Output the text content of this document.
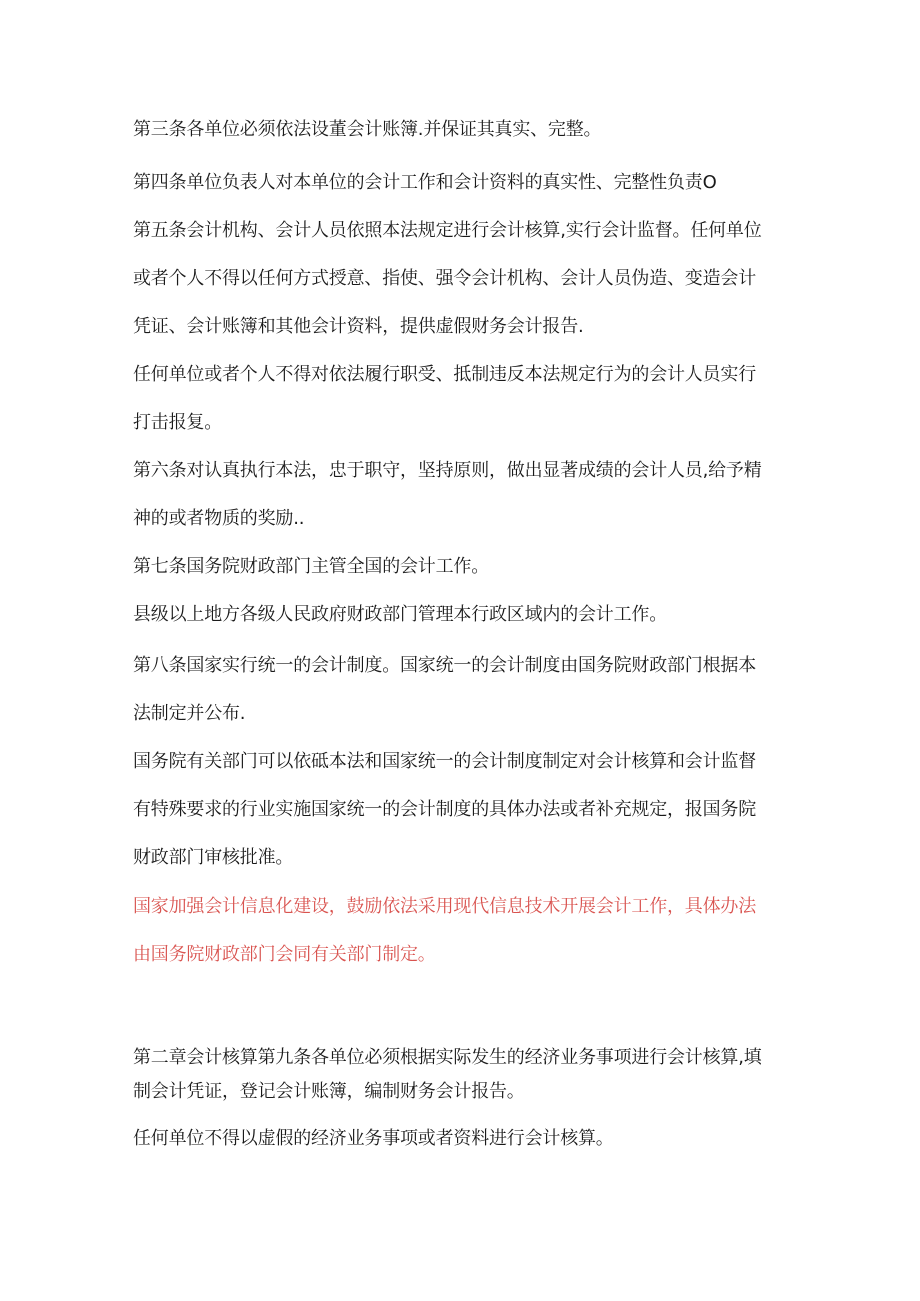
第三条各单位必须依法设董会计账簿.并保证其真实、完整。
第四条单位负表人对本单位的会计工作和会计资料的真实性、完整性负责O
第五条会计机构、会计人员依照本法规定进行会计核算,实行会计监督。任何单位
或者个人不得以任何方式授意、指使、强令会计机构、会计人员伪造、变造会计
凭证、会计账簿和其他会计资料，提供虚假财务会计报告.
任何单位或者个人不得对依法履行职受、抵制违反本法规定行为的会计人员实行
打击报复。
第六条对认真执行本法，忠于职守，坚持原则，做出显著成绩的会计人员,给予精
神的或者物质的奖励..
第七条国务院财政部门主管全国的会计工作。
县级以上地方各级人民政府财政部门管理本行政区域内的会计工作。
第八条国家实行统一的会计制度。国家统一的会计制度由国务院财政部门根据本
法制定并公布.
国务院有关部门可以依砥本法和国家统一的会计制度制定对会计核算和会计监督
有特殊要求的行业实施国家统一的会计制度的具体办法或者补充规定，报国务院
财政部门审核批准。
国家加强会计信息化建设，鼓励依法采用现代信息技术开展会计工作，具体办法
由国务院财政部门会同有关部门制定。
第二章会计核算第九条各单位必须根据实际发生的经济业务事项进行会计核算,填
制会计凭证，登记会计账簿，编制财务会计报告。
任何单位不得以虚假的经济业务事项或者资料进行会计核算。
